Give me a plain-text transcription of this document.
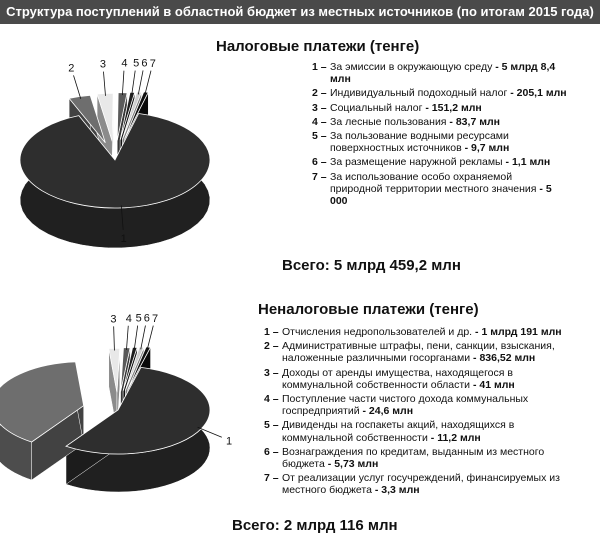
Структура поступлений в областной бюджет из местных источников (по итогам 2015 года)
Налоговые платежи (тенге)
1
2 3 4 5 6 7	1 – За эмиссии в окружающую среду - 5 млрд 8,4 млн
2 – Индивидуальный подоходный налог - 205,1 млн
3 – Социальный налог - 151,2 млн
4 – За лесные пользования - 83,7 млн
5 – За пользование водными ресурсами поверхностных источников - 9,7 млн
6 – За размещение наружной рекламы - 1,1 млн
7 – За использование особо охраняемой природной территории местного значения - 5 000
Всего: 5 млрд 459,2 млн
Неналоговые платежи (тенге)
1
3 4 5 6 7
1 – Отчисления недропользователей и др. - 1 млрд 191 млн
2 – Административные штрафы, пени, санкции, взыскания, наложенные различными госорганами - 836,52 млн
3 – Доходы от аренды имущества, находящегося в коммунальной собственности области - 41 млн
4 – Поступление части чистого дохода коммунальных госпредприятий - 24,6 млн
5 – Дивиденды на госпакеты акций, находящихся в коммунальной собственности - 11,2 млн
6 – Вознаграждения по кредитам, выданным из местного бюджета - 5,73 млн
7 – От реализации услуг госучреждений, финансируемых из местного бюджета - 3,3 млн
Всего: 2 млрд 116 млн
